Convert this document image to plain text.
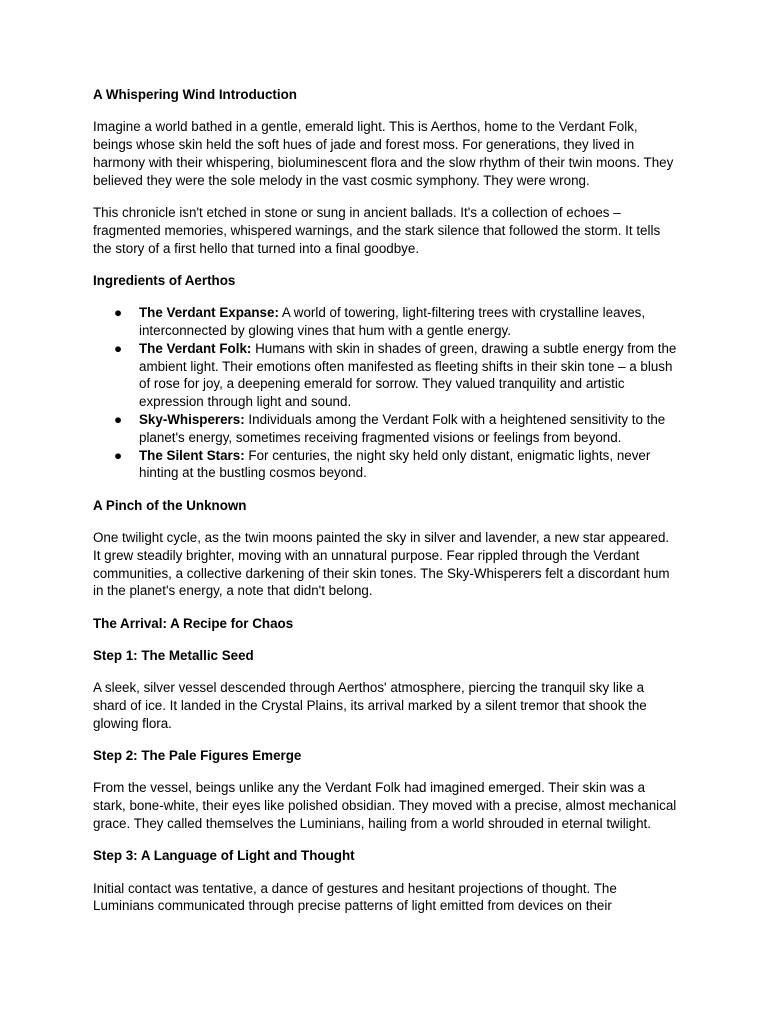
A Whispering Wind Introduction

Imagine a world bathed in a gentle, emerald light. This is Aerthos, home to the Verdant Folk, beings whose skin held the soft hues of jade and forest moss. For generations, they lived in harmony with their whispering, bioluminescent flora and the slow rhythm of their twin moons. They believed they were the sole melody in the vast cosmic symphony. They were wrong.

This chronicle isn't etched in stone or sung in ancient ballads. It's a collection of echoes – fragmented memories, whispered warnings, and the stark silence that followed the storm. It tells the story of a first hello that turned into a final goodbye.

Ingredients of Aerthos
● The Verdant Expanse: A world of towering, light-filtering trees with crystalline leaves, interconnected by glowing vines that hum with a gentle energy.
● The Verdant Folk: Humans with skin in shades of green, drawing a subtle energy from the ambient light. Their emotions often manifested as fleeting shifts in their skin tone – a blush of rose for joy, a deepening emerald for sorrow. They valued tranquility and artistic expression through light and sound.
● Sky-Whisperers: Individuals among the Verdant Folk with a heightened sensitivity to the planet's energy, sometimes receiving fragmented visions or feelings from beyond.
● The Silent Stars: For centuries, the night sky held only distant, enigmatic lights, never hinting at the bustling cosmos beyond.
A Pinch of the Unknown

One twilight cycle, as the twin moons painted the sky in silver and lavender, a new star appeared. It grew steadily brighter, moving with an unnatural purpose. Fear rippled through the Verdant communities, a collective darkening of their skin tones. The Sky-Whisperers felt a discordant hum in the planet's energy, a note that didn't belong.

The Arrival: A Recipe for Chaos
Step 1: The Metallic Seed

A sleek, silver vessel descended through Aerthos' atmosphere, piercing the tranquil sky like a shard of ice. It landed in the Crystal Plains, its arrival marked by a silent tremor that shook the glowing flora.

Step 2: The Pale Figures Emerge

From the vessel, beings unlike any the Verdant Folk had imagined emerged. Their skin was a stark, bone-white, their eyes like polished obsidian. They moved with a precise, almost mechanical grace. They called themselves the Luminians, hailing from a world shrouded in eternal twilight.

Step 3: A Language of Light and Thought

Initial contact was tentative, a dance of gestures and hesitant projections of thought. The Luminians communicated through precise patterns of light emitted from devices on their
